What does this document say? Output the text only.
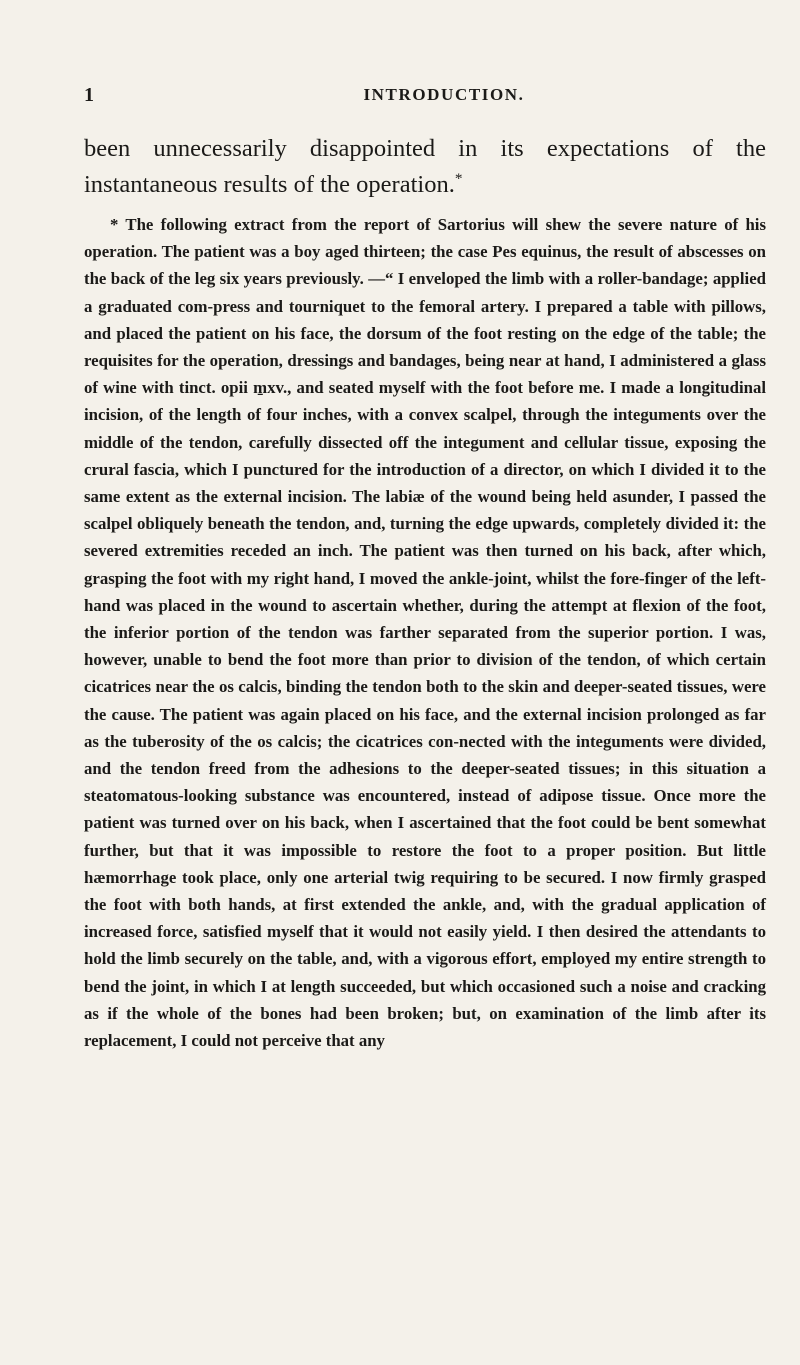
1	INTRODUCTION.

been unnecessarily disappointed in its expectations of the instantaneous results of the operation.*

* The following extract from the report of Sartorius will shew the severe nature of his operation. The patient was a boy aged thirteen; the case Pes equinus, the result of abscesses on the back of the leg six years previously. —“ I enveloped the limb with a roller-bandage; applied a graduated com-press and tourniquet to the femoral artery. I prepared a table with pillows, and placed the patient on his face, the dorsum of the foot resting on the edge of the table; the requisites for the operation, dressings and bandages, being near at hand, I administered a glass of wine with tinct. opii m̱xv., and seated myself with the foot before me. I made a longitudinal incision, of the length of four inches, with a convex scalpel, through the integuments over the middle of the tendon, carefully dissected off the integument and cellular tissue, exposing the crural fascia, which I punctured for the introduction of a director, on which I divided it to the same extent as the external incision. The labiæ of the wound being held asunder, I passed the scalpel obliquely beneath the tendon, and, turning the edge upwards, completely divided it: the severed extremities receded an inch. The patient was then turned on his back, after which, grasping the foot with my right hand, I moved the ankle-joint, whilst the fore-finger of the left-hand was placed in the wound to ascertain whether, during the attempt at flexion of the foot, the inferior portion of the tendon was farther separated from the superior portion. I was, however, unable to bend the foot more than prior to division of the tendon, of which certain cicatrices near the os calcis, binding the tendon both to the skin and deeper-seated tissues, were the cause. The patient was again placed on his face, and the external incision prolonged as far as the tuberosity of the os calcis; the cicatrices con-nected with the integuments were divided, and the tendon freed from the adhesions to the deeper-seated tissues; in this situation a steatomatous-looking substance was encountered, instead of adipose tissue. Once more the patient was turned over on his back, when I ascertained that the foot could be bent somewhat further, but that it was impossible to restore the foot to a proper position. But little hæmorrhage took place, only one arterial twig requiring to be secured. I now firmly grasped the foot with both hands, at first extended the ankle, and, with the gradual application of increased force, satisfied myself that it would not easily yield. I then desired the attendants to hold the limb securely on the table, and, with a vigorous effort, employed my entire strength to bend the joint, in which I at length succeeded, but which occasioned such a noise and cracking as if the whole of the bones had been broken; but, on examination of the limb after its replacement, I could not perceive that any
